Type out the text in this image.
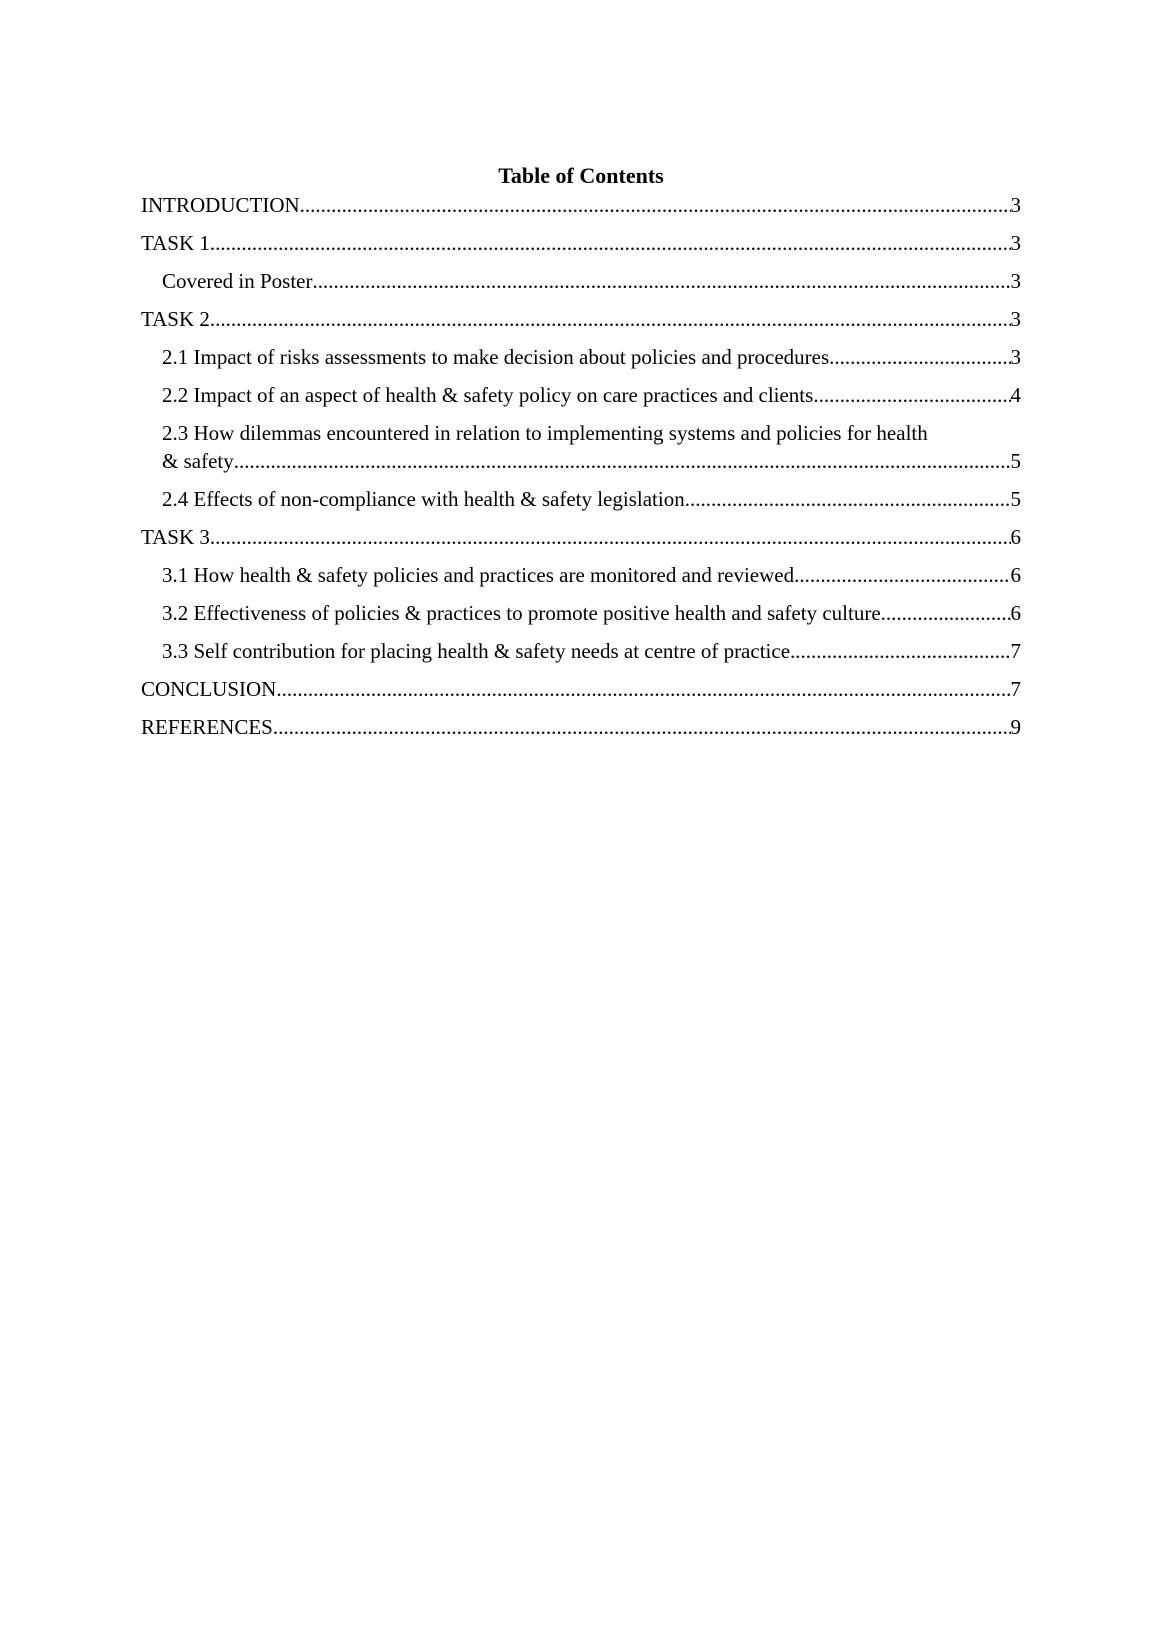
Table of Contents
INTRODUCTION .....	3
TASK 1 .....	3
Covered in Poster .....	3
TASK 2 .....	3
2.1 Impact of risks assessments to make decision about policies and procedures .....	3
2.2 Impact of an aspect of health & safety policy on care practices and clients .....	4
2.3 How dilemmas encountered in relation to implementing systems and policies for health
& safety .....	5
2.4 Effects of non-compliance with health & safety legislation .....	5
TASK 3 .....	6
3.1 How health & safety policies and practices are monitored and reviewed .....	6
3.2 Effectiveness of policies & practices to promote positive health and safety culture .....	6
3.3 Self contribution for placing health & safety needs at centre of practice .....	7
CONCLUSION .....	7
REFERENCES .....	9
